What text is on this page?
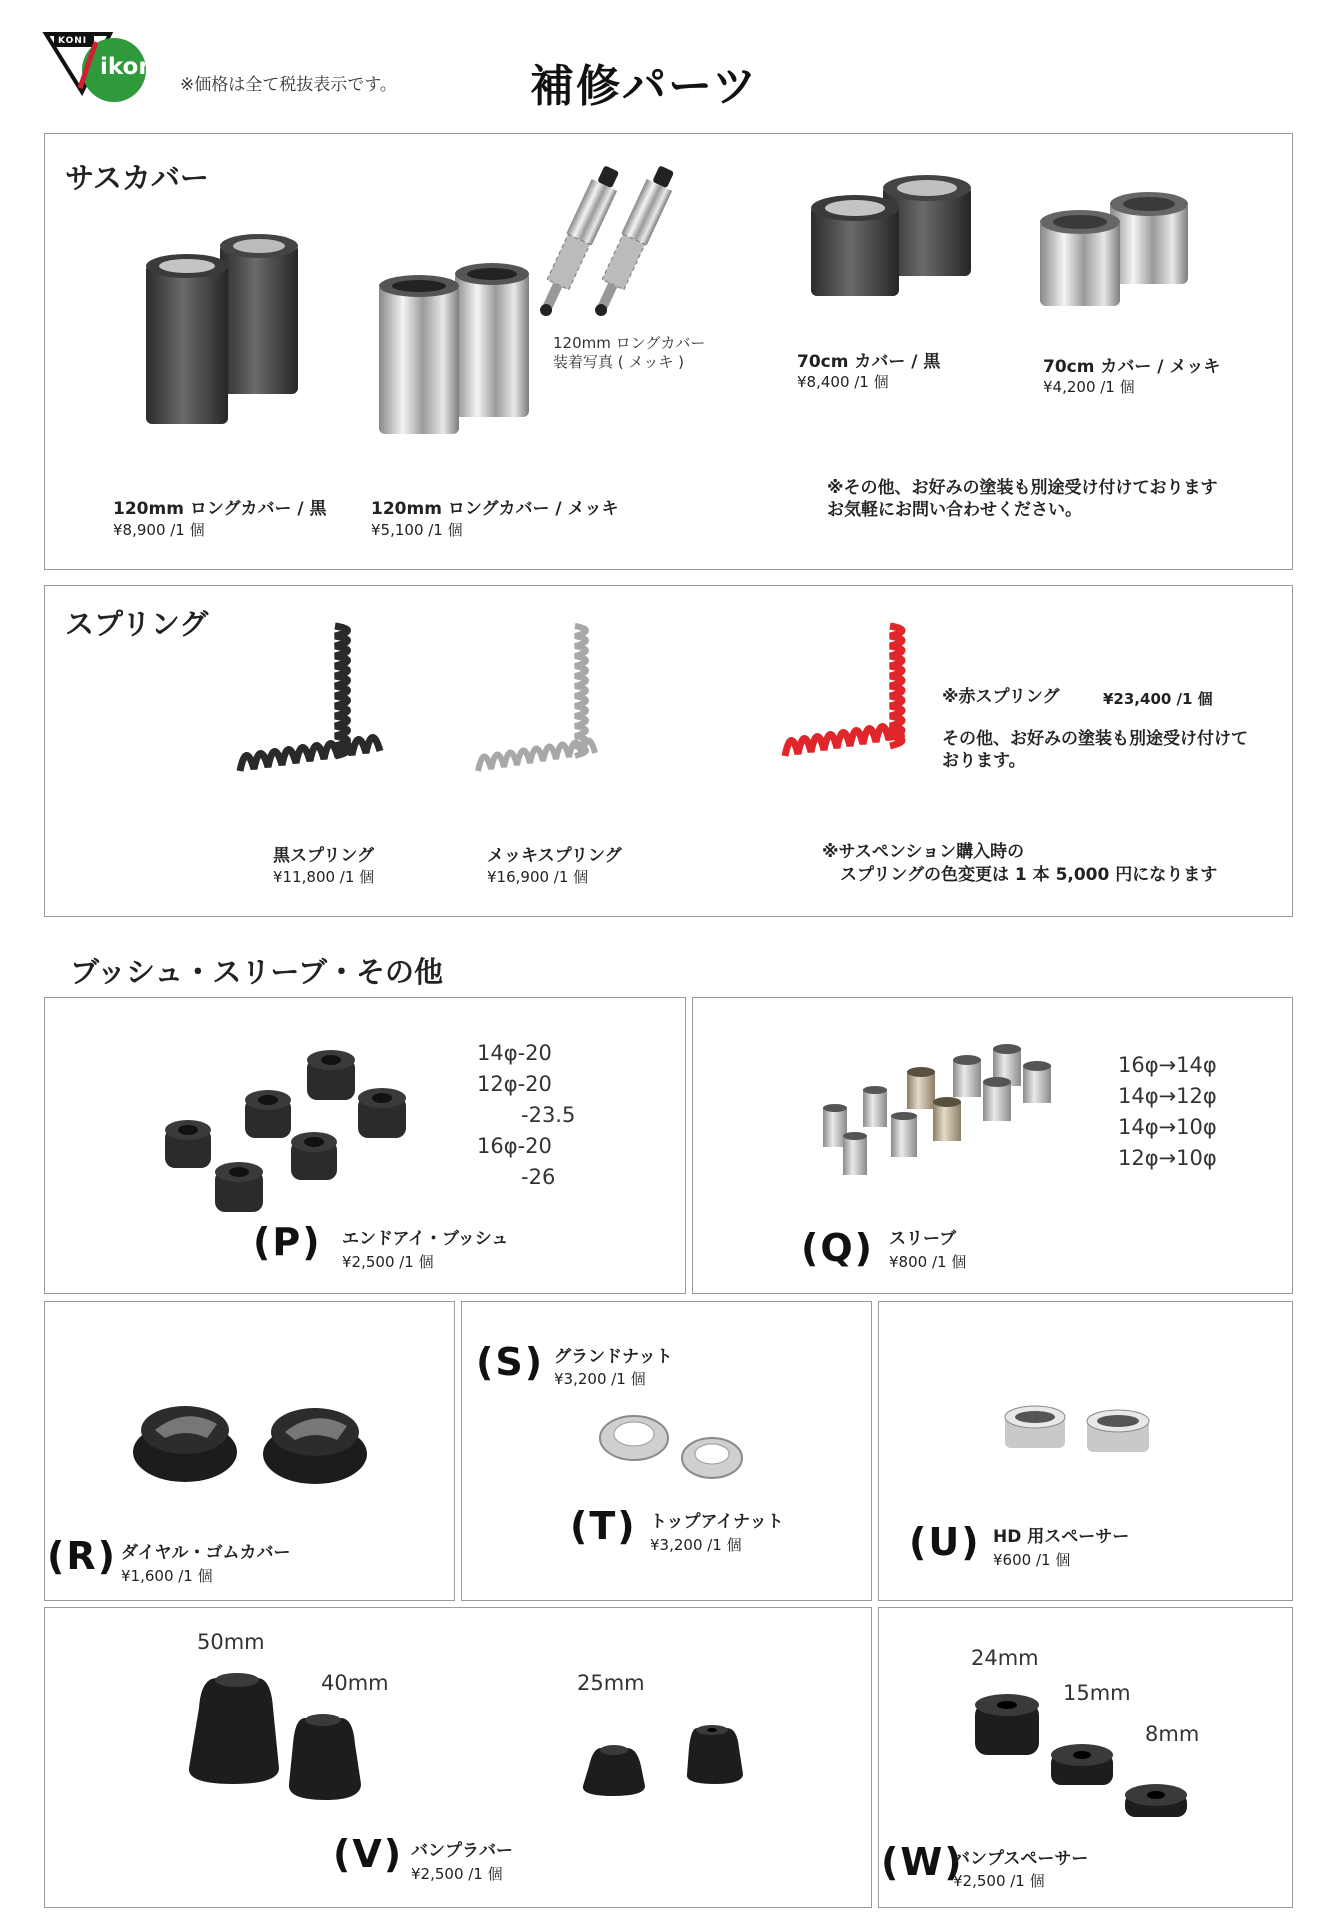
KONI
ikon
※価格は全て税抜表示です。	補修パーツ
サスカバー
120mm ロングカバー / 黒
¥8,900 /1 個
120mm ロングカバー / メッキ
¥5,100 /1 個
120mm ロングカバー
装着写真 ( メッキ )	70cm カバー / 黒
¥8,400 /1 個
70cm カバー / メッキ
¥4,200 /1 個
※その他、お好みの塗装も別途受け付けております
お気軽にお問い合わせください。
スプリング
黒スプリング
¥11,800 /1 個
メッキスプリング
¥16,900 /1 個
※赤スプリング	¥23,400 /1 個
その他、お好みの塗装も別途受け付けて
おります。
※サスペンション購入時の
スプリングの色変更は 1 本 5,000 円になります
ブッシュ・スリーブ・その他
14φ-20
12φ-20
-23.5
16φ-20
-26
(P) エンドアイ・ブッシュ
¥2,500 /1 個
16φ→14φ
14φ→12φ
14φ→10φ
12φ→10φ
(Q) スリーブ
¥800 /1 個
(R) ダイヤル・ゴムカバー
¥1,600 /1 個
(S) グランドナット
¥3,200 /1 個
(T) トップアイナット
¥3,200 /1 個	(U) HD 用スペーサー
¥600 /1 個
50mm
40mm	25mm
(V) バンプラバー
¥2,500 /1 個
24mm
15mm
8mm
(W)
バンプスペーサー
¥2,500 /1 個
